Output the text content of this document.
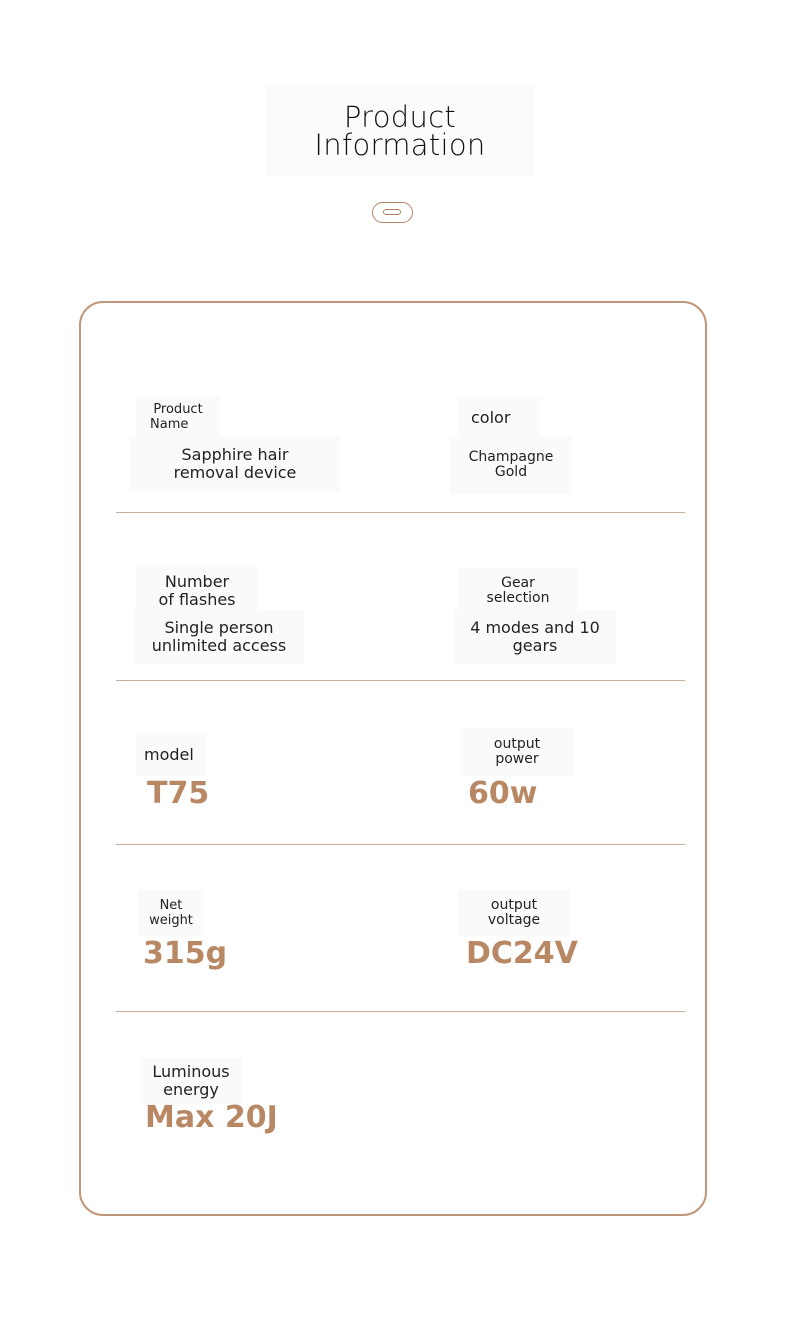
Product
Information
Product
Name
Sapphire hair
removal device
color
Champagne
Gold
Number
of flashes
Single person
unlimited access
Gear
selection
4 modes and 10
gears
model
T75
output
power
60w
Net
weight
315g
output
voltage
DC24V
Luminous
energy
Max 20J
